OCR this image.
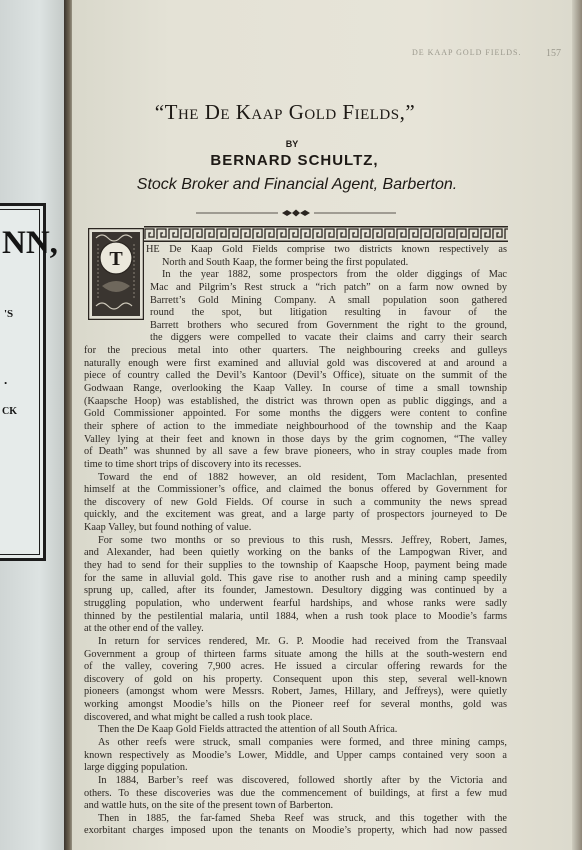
NN,
'S
.
CK
DE KAAP GOLD FIELDS. 157
“The De Kaap Gold Fields,”
BY
BERNARD SCHULTZ,
Stock Broker and Financial Agent, Barberton.
T	HE De Kaap Gold Fields comprise two districts known respectively as
North and South Kaap, the former being the first populated.
In the year 1882, some prospectors from the older diggings of Mac
Mac and Pilgrim’s Rest struck a “rich patch” on a farm now owned by
Barrett’s Gold Mining Company. A small population soon gathered
round the spot, but litigation resulting in favour of the
Barrett brothers who secured from Government the right to the ground,
the diggers were compelled to vacate their claims and carry their search
for the precious metal into other quarters. The neighbouring creeks and gulleys
naturally enough were first examined and alluvial gold was discovered at and around a
piece of country called the Devil’s Kantoor (Devil’s Office), situate on the summit of the
Godwaan Range, overlooking the Kaap Valley. In course of time a small township
(Kaapsche Hoop) was established, the district was thrown open as public diggings, and a
Gold Commissioner appointed. For some months the diggers were content to confine
their sphere of action to the immediate neighbourhood of the township and the Kaap
Valley lying at their feet and known in those days by the grim cognomen, “The valley
of Death” was shunned by all save a few brave pioneers, who in stray couples made from
time to time short trips of discovery into its recesses.
Toward the end of 1882 however, an old resident, Tom Maclachlan, presented
himself at the Commissioner’s office, and claimed the bonus offered by Government for
the discovery of new Gold Fields. Of course in such a community the news spread
quickly, and the excitement was great, and a large party of prospectors journeyed to De
Kaap Valley, but found nothing of value.
For some two months or so previous to this rush, Messrs. Jeffrey, Robert, James,
and Alexander, had been quietly working on the banks of the Lampogwan River, and
they had to send for their supplies to the township of Kaapsche Hoop, payment being made
for the same in alluvial gold. This gave rise to another rush and a mining camp speedily
sprung up, called, after its founder, Jamestown. Desultory digging was continued by a
struggling population, who underwent fearful hardships, and whose ranks were sadly
thinned by the pestilential malaria, until 1884, when a rush took place to Moodie’s farms
at the other end of the valley.
In return for services rendered, Mr. G. P. Moodie had received from the Transvaal
Government a group of thirteen farms situate among the hills at the south-western end
of the valley, covering 7,900 acres. He issued a circular offering rewards for the
discovery of gold on his property. Consequent upon this step, several well-known
pioneers (amongst whom were Messrs. Robert, James, Hillary, and Jeffreys), were quietly
working amongst Moodie’s hills on the Pioneer reef for several months, gold was
discovered, and what might be called a rush took place.
Then the De Kaap Gold Fields attracted the attention of all South Africa.
As other reefs were struck, small companies were formed, and three mining camps,
known respectively as Moodie’s Lower, Middle, and Upper camps contained very soon a
large digging population.
In 1884, Barber’s reef was discovered, followed shortly after by the Victoria and
others. To these discoveries was due the commencement of buildings, at first a few mud
and wattle huts, on the site of the present town of Barberton.
Then in 1885, the far-famed Sheba Reef was struck, and this together with the
exorbitant charges imposed upon the tenants on Moodie’s property, which had now passed
